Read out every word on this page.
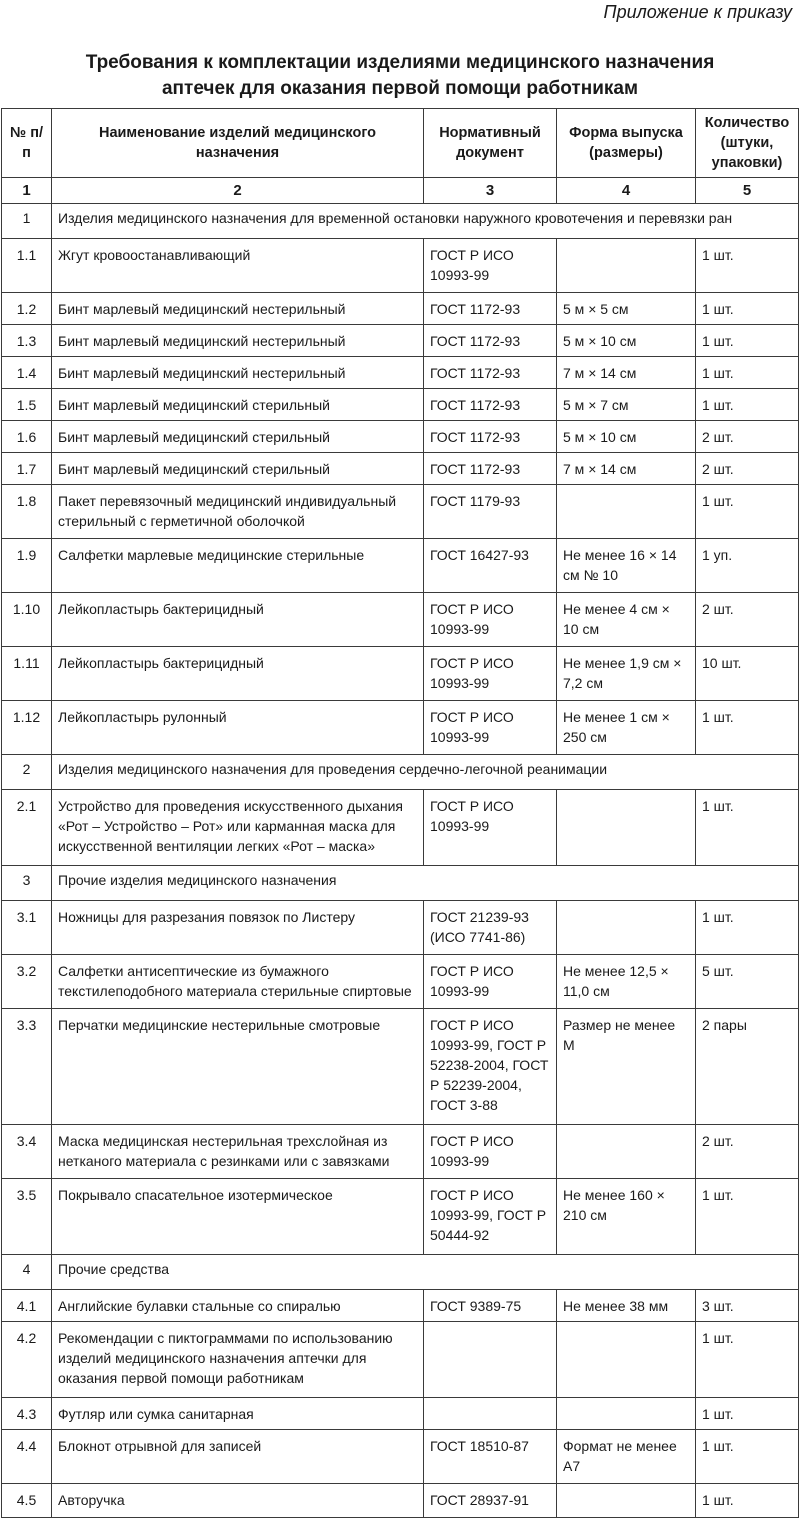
Приложение к приказу
Требования к комплектации изделиями медицинского назначения
аптечек для оказания первой помощи работникам
№ п/п	Наименование изделий медицинского назначения	Нормативный документ	Форма выпуска (размеры)	Количество (штуки, упаковки)
1	2	3	4	5
1	Изделия медицинского назначения для временной остановки наружного кровотечения и перевязки ран			
1.1	Жгут кровоостанавливающий	ГОСТ Р ИСО 10993-99		1 шт.
1.2	Бинт марлевый медицинский нестерильный	ГОСТ 1172-93	5 м × 5 см	1 шт.
1.3	Бинт марлевый медицинский нестерильный	ГОСТ 1172-93	5 м × 10 см	1 шт.
1.4	Бинт марлевый медицинский нестерильный	ГОСТ 1172-93	7 м × 14 см	1 шт.
1.5	Бинт марлевый медицинский стерильный	ГОСТ 1172-93	5 м × 7 см	1 шт.
1.6	Бинт марлевый медицинский стерильный	ГОСТ 1172-93	5 м × 10 см	2 шт.
1.7	Бинт марлевый медицинский стерильный	ГОСТ 1172-93	7 м × 14 см	2 шт.
1.8	Пакет перевязочный медицинский индивидуальный стерильный с герметичной оболочкой	ГОСТ 1179-93		1 шт.
1.9	Салфетки марлевые медицинские стерильные	ГОСТ 16427-93	Не менее 16 × 14 см № 10	1 уп.
1.10	Лейкопластырь бактерицидный	ГОСТ Р ИСО 10993-99	Не менее 4 см × 10 см	2 шт.
1.11	Лейкопластырь бактерицидный	ГОСТ Р ИСО 10993-99	Не менее 1,9 см × 7,2 см	10 шт.
1.12	Лейкопластырь рулонный	ГОСТ Р ИСО 10993-99	Не менее 1 см × 250 см	1 шт.
2	Изделия медицинского назначения для проведения сердечно-легочной реанимации			
2.1	Устройство для проведения искусственного дыхания «Рот – Устройство – Рот» или карманная маска для искусственной вентиляции легких «Рот – маска»	ГОСТ Р ИСО 10993-99		1 шт.
3	Прочие изделия медицинского назначения			
3.1	Ножницы для разрезания повязок по Листеру	ГОСТ 21239-93 (ИСО 7741-86)		1 шт.
3.2	Салфетки антисептические из бумажного текстилеподобного материала стерильные спиртовые	ГОСТ Р ИСО 10993-99	Не менее 12,5 × 11,0 см	5 шт.
3.3	Перчатки медицинские нестерильные смотровые	ГОСТ Р ИСО 10993-99, ГОСТ Р 52238-2004, ГОСТ Р 52239-2004, ГОСТ 3-88	Размер не менее M	2 пары
3.4	Маска медицинская нестерильная трехслойная из нетканого материала с резинками или с завязками	ГОСТ Р ИСО 10993-99		2 шт.
3.5	Покрывало спасательное изотермическое	ГОСТ Р ИСО 10993-99, ГОСТ Р 50444-92	Не менее 160 × 210 см	1 шт.
4	Прочие средства			
4.1	Английские булавки стальные со спиралью	ГОСТ 9389-75	Не менее 38 мм	3 шт.
4.2	Рекомендации с пиктограммами по использованию изделий медицинского назначения аптечки для оказания первой помощи работникам			1 шт.
4.3	Футляр или сумка санитарная			1 шт.
4.4	Блокнот отрывной для записей	ГОСТ 18510-87	Формат не менее А7	1 шт.
4.5	Авторучка	ГОСТ 28937-91		1 шт.
